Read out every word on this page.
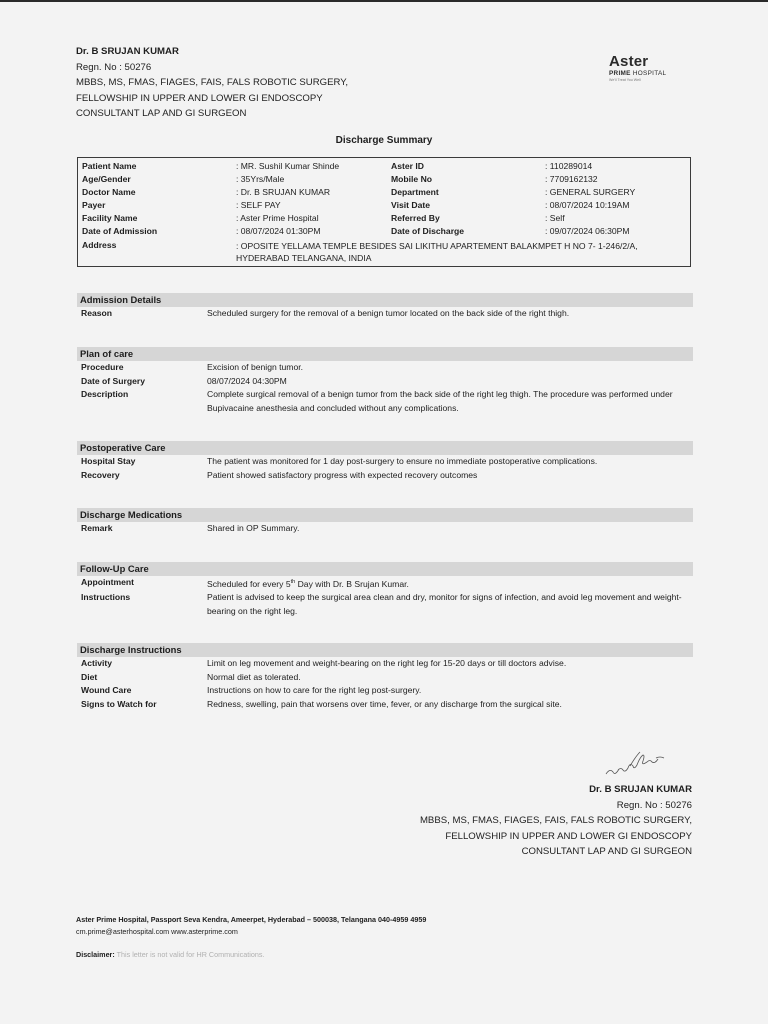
Dr. B SRUJAN KUMAR
Regn. No : 50276
MBBS, MS, FMAS, FIAGES, FAIS, FALS ROBOTIC SURGERY,
FELLOWSHIP IN UPPER AND LOWER GI ENDOSCOPY
CONSULTANT LAP AND GI SURGEON
Aster
PRIME HOSPITAL
We'll Treat You Well
Discharge Summary
Patient Name	: MR. Sushil Kumar Shinde	Aster ID	: 110289014
Age/Gender	: 35Yrs/Male	Mobile No	: 7709162132
Doctor Name	: Dr. B SRUJAN KUMAR	Department	: GENERAL SURGERY
Payer	: SELF PAY	Visit Date	: 08/07/2024 10:19AM
Facility Name	: Aster Prime Hospital	Referred By	: Self
Date of Admission	: 08/07/2024 01:30PM	Date of Discharge	: 09/07/2024 06:30PM
Address	: OPOSITE YELLAMA TEMPLE BESIDES SAI LIKITHU APARTEMENT BALAKMPET H NO 7- 1-246/2/A, HYDERABAD TELANGANA, INDIA
Admission Details
Reason	Scheduled surgery for the removal of a benign tumor located on the back side of the right thigh.
Plan of care
Procedure	Excision of benign tumor.
Date of Surgery	08/07/2024 04:30PM
Description	Complete surgical removal of a benign tumor from the back side of the right leg thigh. The procedure was performed under Bupivacaine anesthesia and concluded without any complications.
Postoperative Care
Hospital Stay	The patient was monitored for 1 day post-surgery to ensure no immediate postoperative complications.
Recovery	Patient showed satisfactory progress with expected recovery outcomes
Discharge Medications
Remark	Shared in OP Summary.
Follow-Up Care
Appointment	Scheduled for every 5th Day with Dr. B Srujan Kumar.
Instructions	Patient is advised to keep the surgical area clean and dry, monitor for signs of infection, and avoid leg movement and weight-bearing on the right leg.
Discharge Instructions
Activity	Limit on leg movement and weight-bearing on the right leg for 15-20 days or till doctors advise.
Diet	Normal diet as tolerated.
Wound Care	Instructions on how to care for the right leg post-surgery.
Signs to Watch for	Redness, swelling, pain that worsens over time, fever, or any discharge from the surgical site.
Dr. B SRUJAN KUMAR
Regn. No : 50276
MBBS, MS, FMAS, FIAGES, FAIS, FALS ROBOTIC SURGERY,
FELLOWSHIP IN UPPER AND LOWER GI ENDOSCOPY
CONSULTANT LAP AND GI SURGEON
Aster Prime Hospital, Passport Seva Kendra, Ameerpet, Hyderabad – 500038, Telangana 040-4959 4959
cm.prime@asterhospital.com www.asterprime.com
Disclaimer: This letter is not valid for HR Communications.
